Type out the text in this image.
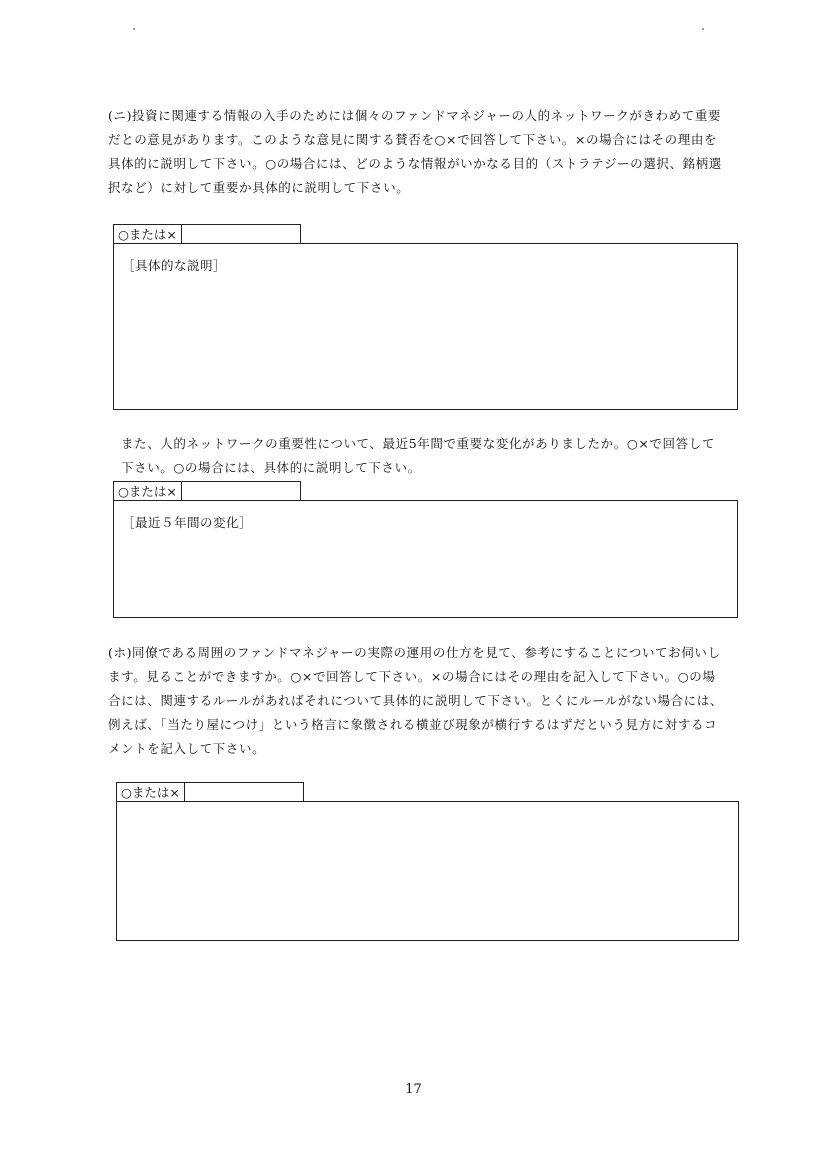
(ニ)投資に関連する情報の入手のためには個々のファンドマネジャーの人的ネットワークがきわめて重要
だとの意見があります。このような意見に関する賛否を○×で回答して下さい。×の場合にはその理由を
具体的に説明して下さい。○の場合には、どのような情報がいかなる目的（ストラテジーの選択、銘柄選
択など）に対して重要か具体的に説明して下さい。
○または×
［具体的な説明］
また、人的ネットワークの重要性について、最近5年間で重要な変化がありましたか。○×で回答して
下さい。○の場合には、具体的に説明して下さい。
○または×
［最近５年間の変化］
(ホ)同僚である周囲のファンドマネジャーの実際の運用の仕方を見て、参考にすることについてお伺いし
ます。見ることができますか。○×で回答して下さい。×の場合にはその理由を記入して下さい。○の場
合には、関連するルールがあればそれについて具体的に説明して下さい。とくにルールがない場合には、
例えば、「当たり屋につけ」という格言に象徴される横並び現象が横行するはずだという見方に対するコ
メントを記入して下さい。
○または×
17
